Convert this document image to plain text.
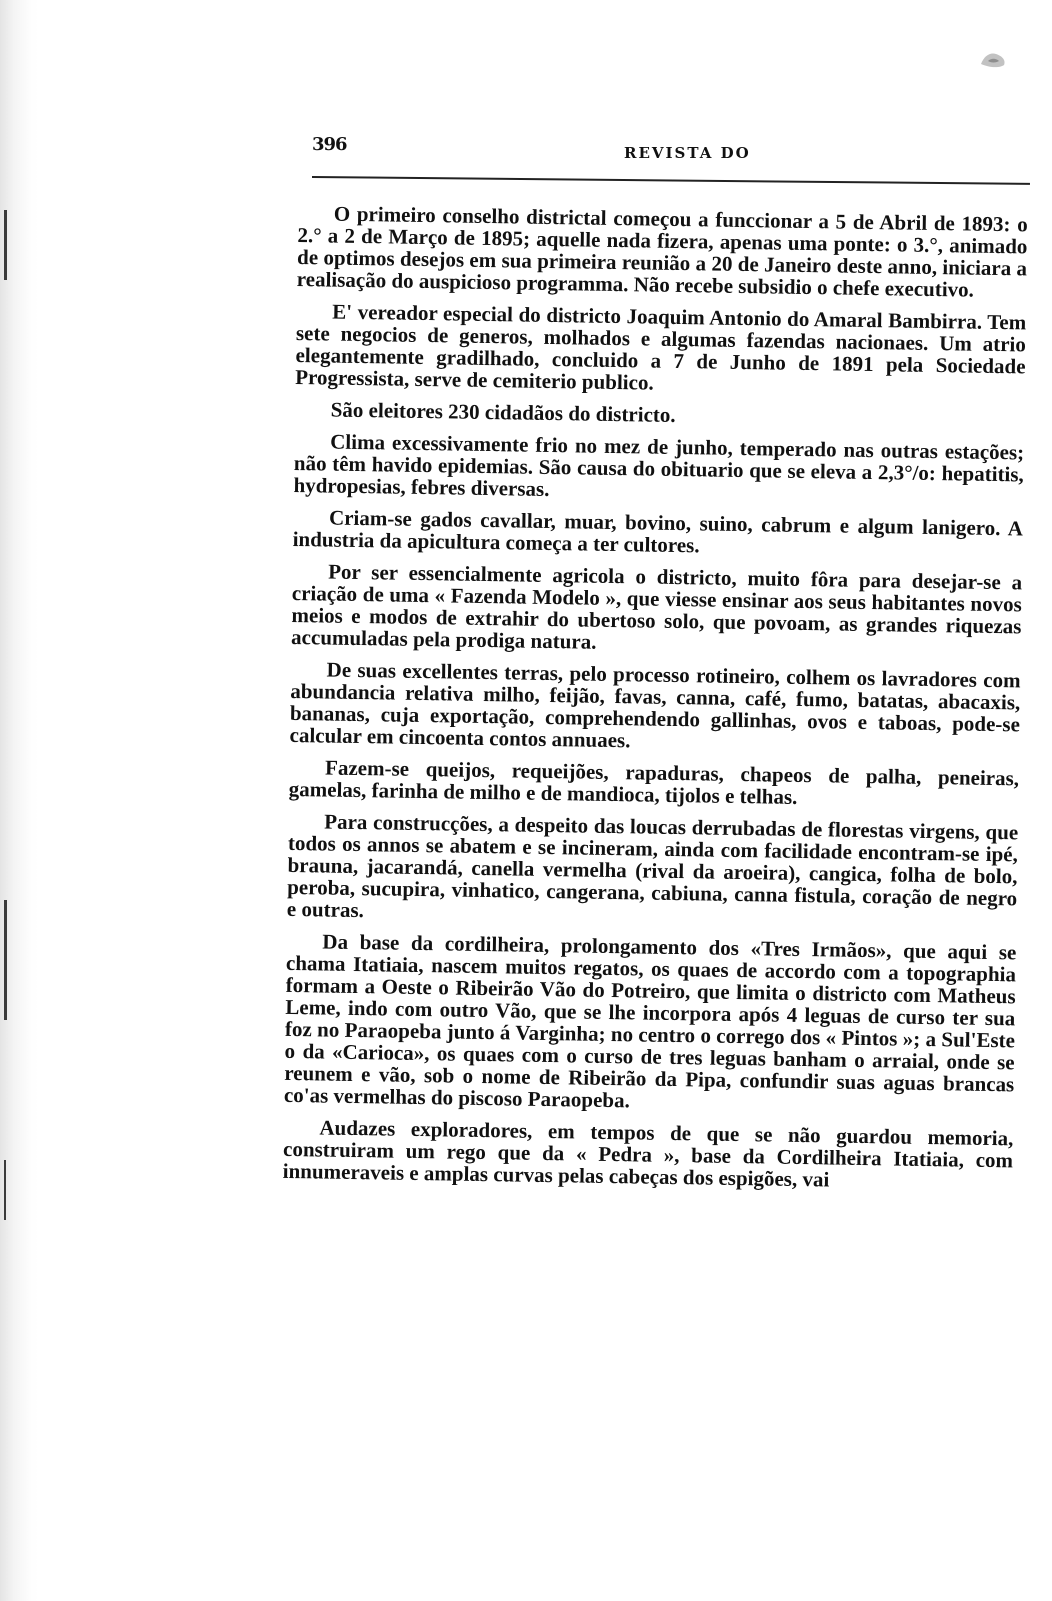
396	REVISTA DO

O primeiro conselho districtal começou a funccionar a 5 de Abril de 1893: o 2.° a 2 de Março de 1895; aquelle nada fizera, apenas uma ponte: o 3.°, animado de optimos desejos em sua primeira reunião a 20 de Janeiro deste anno, iniciara a realisação do auspicioso programma. Não recebe subsidio o chefe executivo.

E' vereador especial do districto Joaquim Antonio do Amaral Bambirra. Tem sete negocios de generos, molhados e algumas fazendas nacionaes. Um atrio elegantemente gradilhado, concluido a 7 de Junho de 1891 pela Sociedade Progressista, serve de cemiterio publico.

São eleitores 230 cidadãos do districto.

Clima excessivamente frio no mez de junho, temperado nas outras estações; não têm havido epidemias. São causa do obituario que se eleva a 2,3°/o: hepatitis, hydropesias, febres diversas.

Criam-se gados cavallar, muar, bovino, suino, cabrum e algum lanigero. A industria da apicultura começa a ter cultores.

Por ser essencialmente agricola o districto, muito fôra para desejar-se a criação de uma « Fazenda Modelo », que viesse ensinar aos seus habitantes novos meios e modos de extrahir do ubertoso solo, que povoam, as grandes riquezas accumuladas pela prodiga natura.

De suas excellentes terras, pelo processo rotineiro, colhem os lavradores com abundancia relativa milho, feijão, favas, canna, café, fumo, batatas, abacaxis, bananas, cuja exportação, comprehendendo gallinhas, ovos e taboas, pode-se calcular em cincoenta contos annuaes.

Fazem-se queijos, requeijões, rapaduras, chapeos de palha, peneiras, gamelas, farinha de milho e de mandioca, tijolos e telhas.

Para construcções, a despeito das loucas derrubadas de florestas virgens, que todos os annos se abatem e se incineram, ainda com facilidade encontram-se ipé, brauna, jacarandá, canella vermelha (rival da aroeira), cangica, folha de bolo, peroba, sucupira, vinhatico, cangerana, cabiuna, canna fistula, coração de negro e outras.

Da base da cordilheira, prolongamento dos «Tres Irmãos», que aqui se chama Itatiaia, nascem muitos regatos, os quaes de accordo com a topographia formam a Oeste o Ribeirão Vão do Potreiro, que limita o districto com Matheus Leme, indo com outro Vão, que se lhe incorpora após 4 leguas de curso ter sua foz no Paraopeba junto á Varginha; no centro o corrego dos « Pintos »; a Sul'Este o da «Carioca», os quaes com o curso de tres leguas banham o arraial, onde se reunem e vão, sob o nome de Ribeirão da Pipa, confundir suas aguas brancas co'as vermelhas do piscoso Paraopeba.

Audazes exploradores, em tempos de que se não guardou memoria, construiram um rego que da « Pedra », base da Cordilheira Itatiaia, com innumeraveis e amplas curvas pelas cabeças dos espigões, vai
